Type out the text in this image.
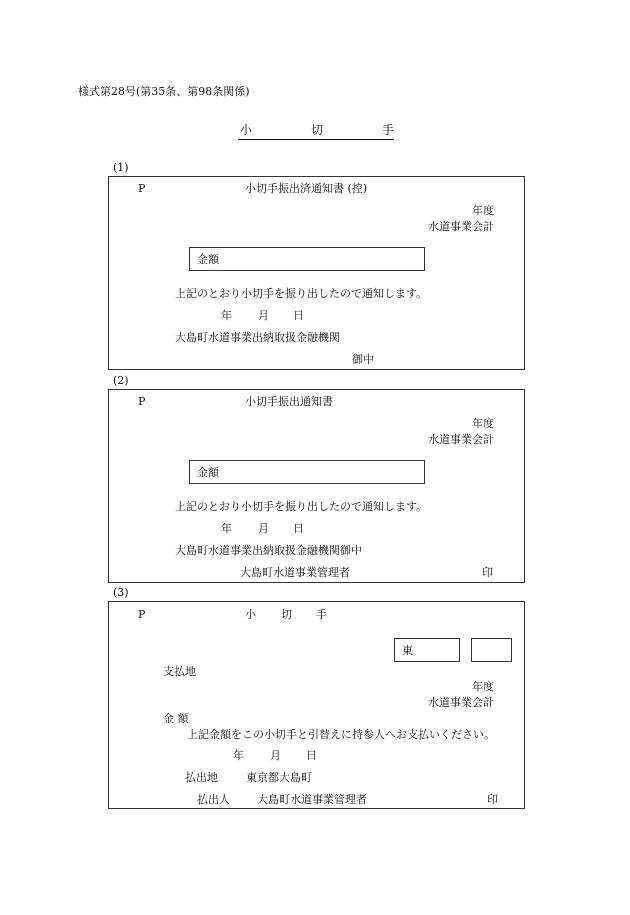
様式第28号(第35条、第98条関係)
小	切	手
(1)
P	小切手振出済通知書 (控)
年度
水道事業会計
金額
上記のとおり小切手を振り出したので通知します。
年 月 日
大島町水道事業出納取扱金融機関
御中
(2)
P	小切手振出通知書
年度
水道事業会計
金額
上記のとおり小切手を振り出したので通知します。
年 月 日
大島町水道事業出納取扱金融機関御中
大島町水道事業管理者	印
(3)
P	小 切 手
東
支払地
年度
水道事業会計
金 額
上記金額をこの小切手と引替えに持参人へお支払いください。
年 月 日
払出地	東京都大島町
払出人 大島町水道事業管理者	印
